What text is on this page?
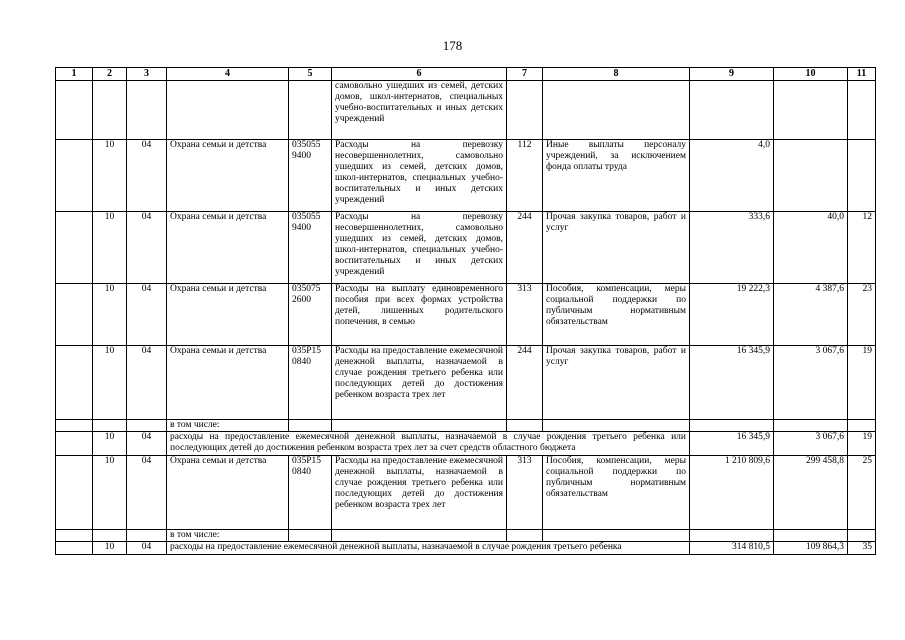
178
1	2	3	4	5	6	7	8	9	10	11
					самовольно ушедших из семей, детских домов, школ-интернатов, специальных учебно-воспитательных и иных детских учреждений					
	10	04	Охрана семьи и детства	035055 9400	Расходы на перевозку несовершеннолетних, самовольно ушедших из семей, детских домов, школ-интернатов, специальных учебно-воспитательных и иных детских учреждений	112	Иные выплаты персоналу учреждений, за исключением фонда оплаты труда	4,0		
	10	04	Охрана семьи и детства	035055 9400	Расходы на перевозку несовершеннолетних, самовольно ушедших из семей, детских домов, школ-интернатов, специальных учебно-воспитательных и иных детских учреждений	244	Прочая закупка товаров, работ и услуг	333,6	40,0	12
	10	04	Охрана семьи и детства	035075 2600	Расходы на выплату единовременного пособия при всех формах устройства детей, лишенных родительского попечения, в семью	313	Пособия, компенсации, меры социальной поддержки по публичным нормативным обязательствам	19 222,3	4 387,6	23
	10	04	Охрана семьи и детства	035P15 0840	Расходы на предоставление ежемесячной денежной выплаты, назначаемой в случае рождения третьего ребенка или последующих детей до достижения ребенком возраста трех лет	244	Прочая закупка товаров, работ и услуг	16 345,9	3 067,6	19
			в том числе:							
	10	04	расходы на предоставление ежемесячной денежной выплаты, назначаемой в случае рождения третьего ребенка или последующих детей до достижения ребенком возраста трех лет за счет средств областного бюджета					16 345,9	3 067,6	19
	10	04	Охрана семьи и детства	035P15 0840	Расходы на предоставление ежемесячной денежной выплаты, назначаемой в случае рождения третьего ребенка или последующих детей до достижения ребенком возраста трех лет	313	Пособия, компенсации, меры социальной поддержки по публичным нормативным обязательствам	1 210 809,6	299 458,8	25
			в том числе:							
	10	04	расходы на предоставление ежемесячной денежной выплаты, назначаемой в случае рождения третьего ребенка					314 810,5	109 864,3	35
